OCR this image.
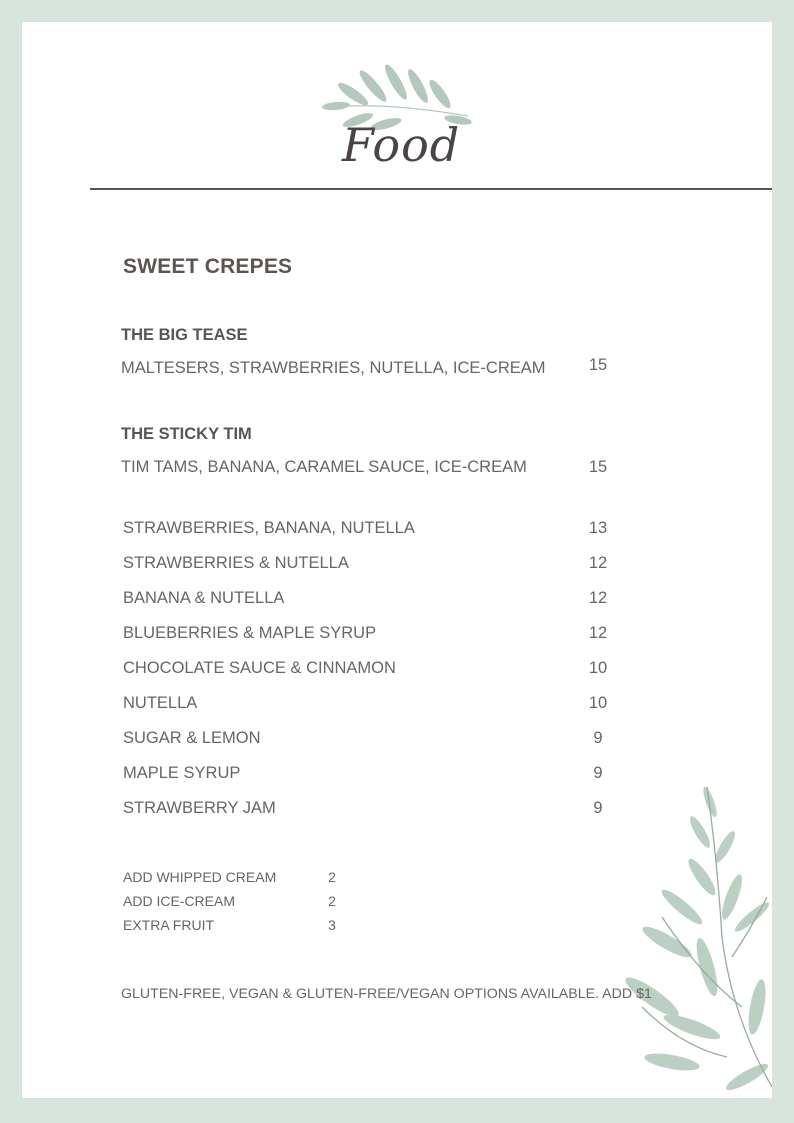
Food
SWEET CREPES
THE BIG TEASE
MALTESERS, STRAWBERRIES, NUTELLA, ICE-CREAM	15
THE STICKY TIM
TIM TAMS, BANANA, CARAMEL SAUCE, ICE-CREAM	15
STRAWBERRIES, BANANA, NUTELLA	13
STRAWBERRIES & NUTELLA	12
BANANA & NUTELLA	12
BLUEBERRIES & MAPLE SYRUP	12
CHOCOLATE SAUCE & CINNAMON	10
NUTELLA	10
SUGAR & LEMON	9
MAPLE SYRUP	9
STRAWBERRY JAM	9
ADD WHIPPED CREAM	2
ADD ICE-CREAM	2
EXTRA FRUIT	3
GLUTEN-FREE, VEGAN & GLUTEN-FREE/VEGAN OPTIONS AVAILABLE. ADD $1
